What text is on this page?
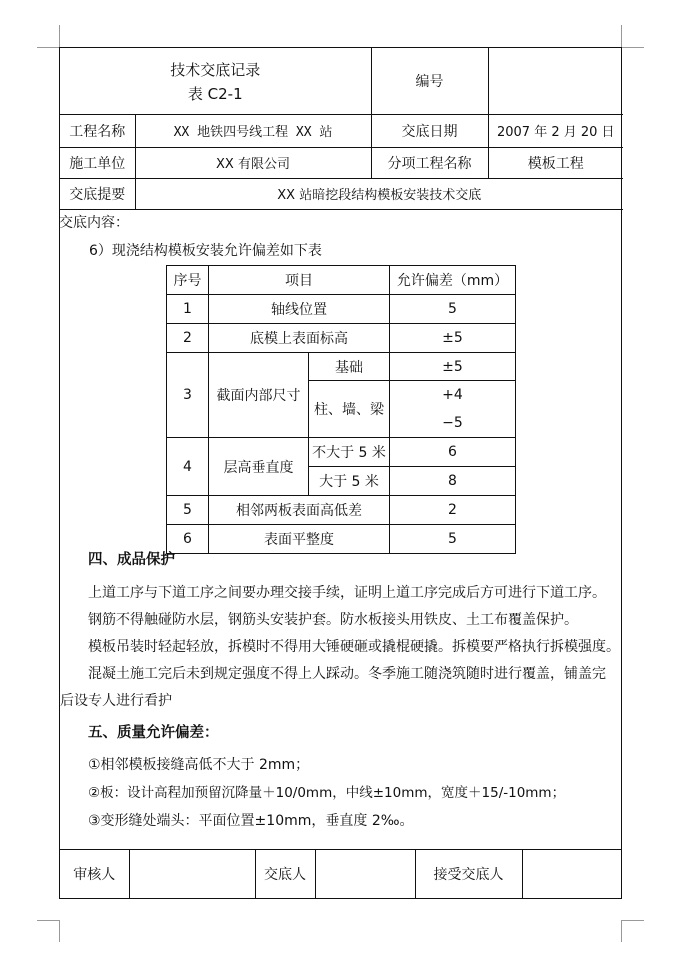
技术交底记录
表 C2-1		编号	
工程名称	XX 地铁四号线工程 XX 站	交底日期	2007 年 2 月 20 日
施工单位	XX 有限公司	分项工程名称	模板工程
交底提要	XX 站暗挖段结构模板安装技术交底		
交底内容：
6）现浇结构模板安装允许偏差如下表
序号	项目		允许偏差（mm）
1	轴线位置		5
2	底模上表面标高		±5
3	截面内部尺寸	基础	±5
		柱、墙、梁	+4
−5

4	层高垂直度	不大于 5 米	6
		大于 5 米	8
5	相邻两板表面高低差		2
6	表面平整度		5
四、成品保护
上道工序与下道工序之间要办理交接手续，证明上道工序完成后方可进行下道工序。
钢筋不得触碰防水层，钢筋头安装护套。防水板接头用铁皮、土工布覆盖保护。
模板吊装时轻起轻放，拆模时不得用大锤硬砸或撬棍硬撬。拆模要严格执行拆模强度。
混凝土施工完后未到规定强度不得上人踩动。冬季施工随浇筑随时进行覆盖，铺盖完
后设专人进行看护
五、质量允许偏差：
①相邻模板接缝高低不大于 2mm；
②板：设计高程加预留沉降量＋10/0mm，中线±10mm，宽度＋15/-10mm；
③变形缝处端头：平面位置±10mm，垂直度 2‰。
审核人		交底人		接受交底人	
